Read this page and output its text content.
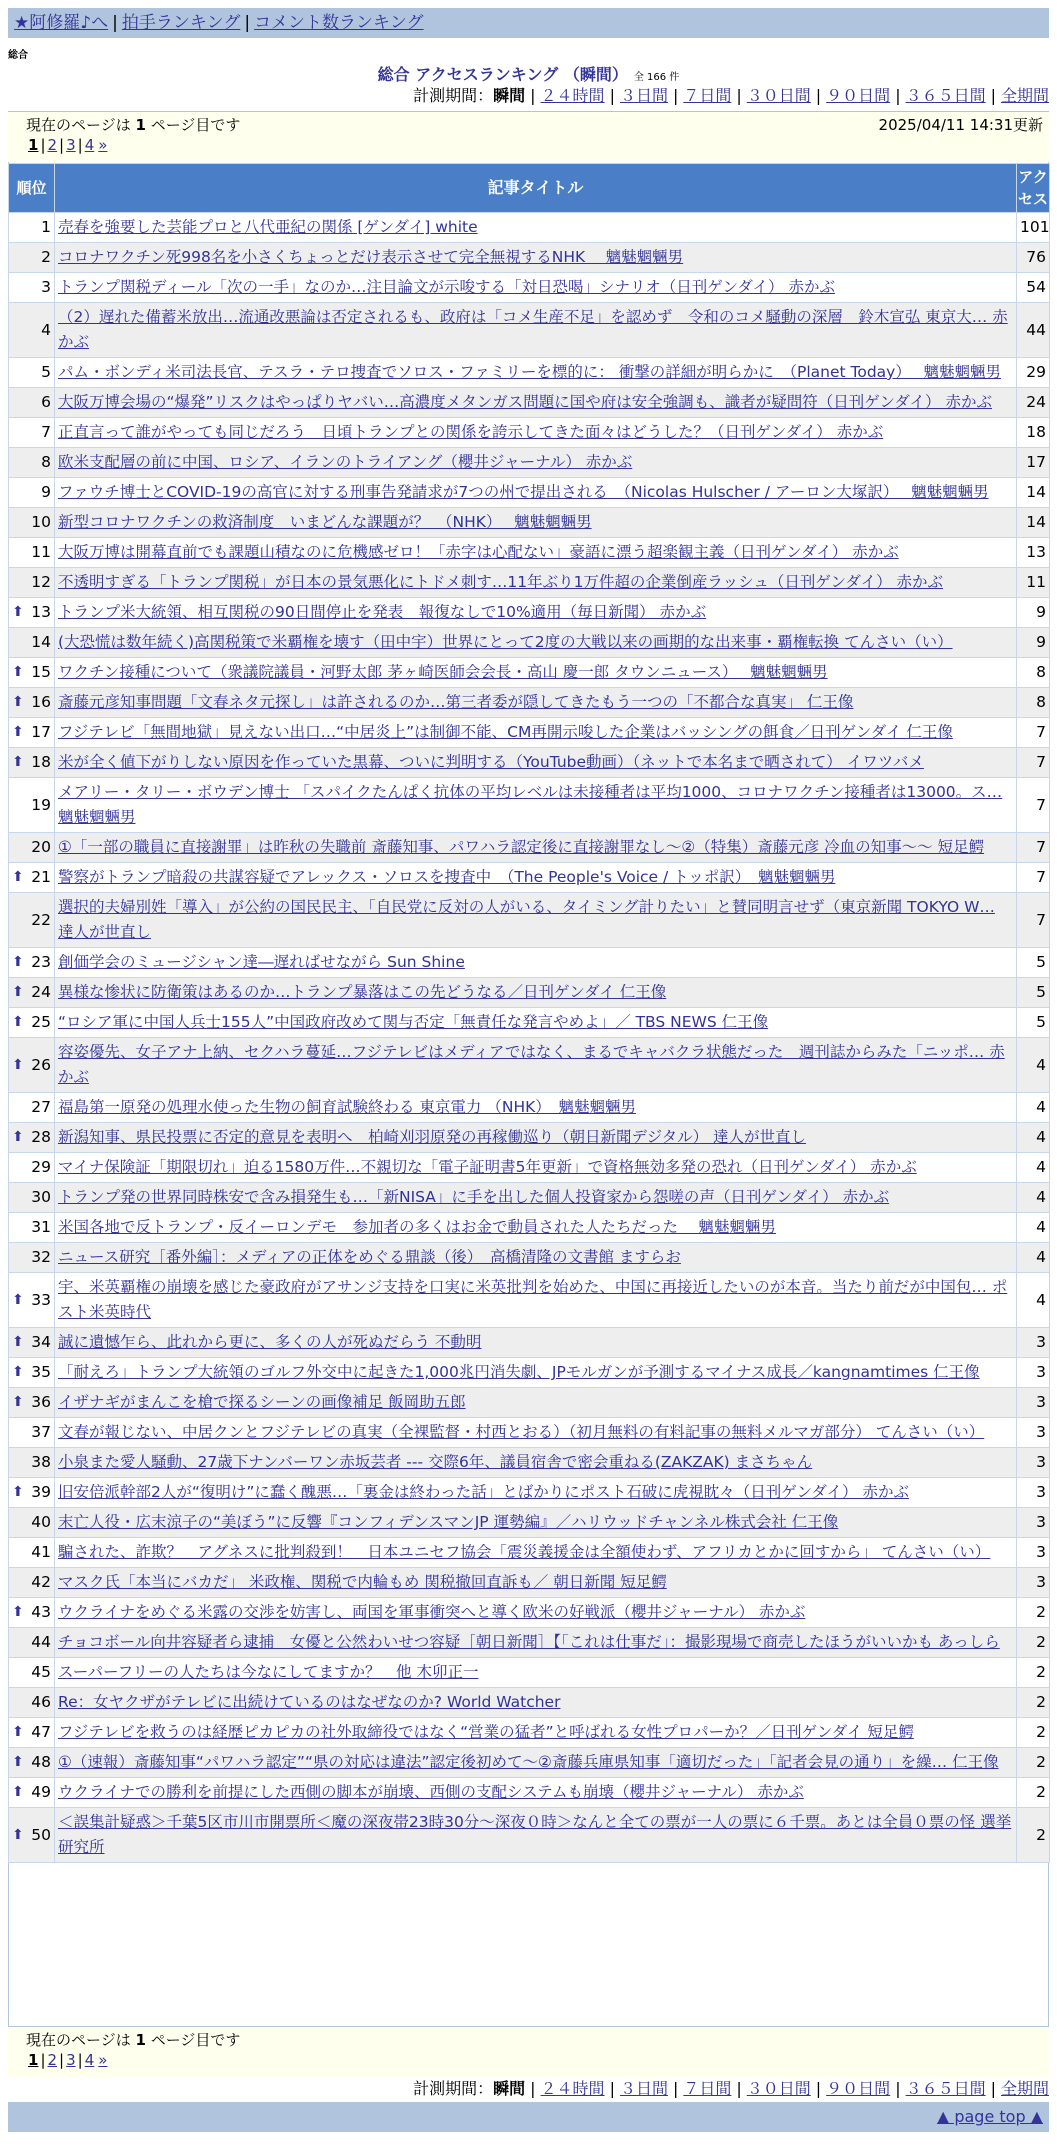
★阿修羅♪へ | 拍手ランキング | コメント数ランキング
総合
総合 アクセスランキング （瞬間） 全 166 件
計測期間：瞬間 | ２４時間 | ３日間 | ７日間 | ３０日間 | ９０日間 | ３６５日間 | 全期間
現在のページは 1 ページ目です	2025/04/11 14:31更新
1 | 2 | 3 | 4 »
順位	記事タイトル	アクセス
1	売春を強要した芸能プロと八代亜紀の関係 [ゲンダイ] white	101
2	コロナワクチン死998名を小さくちょっとだけ表示させて完全無視するNHK　 魑魅魍魎男	76
3	トランプ関税ディール「次の一手」なのか…注目論文が示唆する「対日恐喝」シナリオ（日刊ゲンダイ） 赤かぶ	54
4	（2）遅れた備蓄米放出…流通改悪論は否定されるも、政府は「コメ生産不足」を認めず　令和のコメ騒動の深層　鈴木宣弘 東京大… 赤かぶ	44
5	パム・ボンディ米司法長官、テスラ・テロ捜査でソロス・ファミリーを標的に： 衝撃の詳細が明らかに　（Planet Today）　 魑魅魍魎男	29
6	大阪万博会場の“爆発”リスクはやっぱりヤバい…高濃度メタンガス問題に国や府は安全強調も、識者が疑問符（日刊ゲンダイ） 赤かぶ	24
7	正直言って誰がやっても同じだろう　日頃トランプとの関係を誇示してきた面々はどうした？（日刊ゲンダイ） 赤かぶ	18
8	欧米支配層の前に中国、ロシア、イランのトライアング（櫻井ジャーナル） 赤かぶ	17
9	ファウチ博士とCOVID-19の高官に対する刑事告発請求が7つの州で提出される　（Nicolas Hulscher / アーロン大塚訳）　 魑魅魍魎男	14
10	新型コロナワクチンの救済制度　いまどんな課題が？　（NHK）　 魑魅魍魎男	14
11	大阪万博は開幕直前でも課題山積なのに危機感ゼロ！「赤字は心配ない」豪語に漂う超楽観主義（日刊ゲンダイ） 赤かぶ	13
12	不透明すぎる「トランプ関税」が日本の景気悪化にトドメ刺す…11年ぶり1万件超の企業倒産ラッシュ（日刊ゲンダイ） 赤かぶ	11

⬆ 13	トランプ米大統領、相互関税の90日間停止を発表　報復なしで10%適用（毎日新聞） 赤かぶ	9
14	(大恐慌は数年続く)高関税策で米覇権を壊す（田中宇）世界にとって2度の大戦以来の画期的な出来事・覇権転換 てんさい（い）	9

⬆ 15	ワクチン接種について（衆議院議員・河野太郎 茅ヶ崎医師会会長・高山 慶一郎 タウンニュース）　 魑魅魍魎男	8

⬆ 16	斎藤元彦知事問題「文春ネタ元探し」は許されるのか…第三者委が隠してきたもう一つの「不都合な真実」 仁王像	8

⬆ 17	フジテレビ「無間地獄」見えない出口…“中居炎上”は制御不能、CM再開示唆した企業はバッシングの餌食／日刊ゲンダイ 仁王像	7

⬆ 18	米が全く値下がりしない原因を作っていた黒幕、ついに判明する（YouTube動画）（ネットで本名まで晒されて） イワツバメ	7
19	メアリー・タリー・ボウデン博士 「スパイクたんぱく抗体の平均レベルは未接種者は平均1000、コロナワクチン接種者は13000。ス… 魑魅魍魎男	7
20	①「一部の職員に直接謝罪」は昨秋の失職前 斎藤知事、パワハラ認定後に直接謝罪なし～②（特集）斎藤元彦 冷血の知事～～ 短足鰐	7

⬆ 21	警察がトランプ暗殺の共謀容疑でアレックス・ソロスを捜査中　（The People's Voice / トッポ訳）　魑魅魍魎男	7
22	選択的夫婦別姓「導入」が公約の国民民主、「自民党に反対の人がいる、タイミング計りたい」と賛同明言せず（東京新聞 TOKYO W… 達人が世直し	7

⬆ 23	創価学会のミュージシャン達―遅ればせながら Sun Shine	5

⬆ 24	異様な惨状に防衛策はあるのか…トランプ暴落はこの先どうなる／日刊ゲンダイ 仁王像	5

⬆ 25	“ロシア軍に中国人兵士155人”中国政府改めて関与否定「無責任な発言やめよ」／ TBS NEWS 仁王像	5

⬆ 26	容姿優先、女子アナ上納、セクハラ蔓延…フジテレビはメディアではなく、まるでキャバクラ状態だった　週刊誌からみた「ニッポ… 赤かぶ	4
27	福島第一原発の処理水使った生物の飼育試験終わる 東京電力 （NHK）　魑魅魍魎男	4

⬆ 28	新潟知事、県民投票に否定的意見を表明へ　柏崎刈羽原発の再稼働巡り（朝日新聞デジタル） 達人が世直し	4
29	マイナ保険証「期限切れ」迫る1580万件…不親切な「電子証明書5年更新」で資格無効多発の恐れ（日刊ゲンダイ） 赤かぶ	4
30	トランプ発の世界同時株安で含み損発生も…「新NISA」に手を出した個人投資家から怨嗟の声（日刊ゲンダイ） 赤かぶ	4
31	米国各地で反トランプ・反イーロンデモ　参加者の多くはお金で動員された人たちだった　 魑魅魍魎男	4
32	ニュース研究［番外編］：メディアの正体をめぐる鼎談（後）　高橋清隆の文書館 ますらお	4

⬆ 33	宇、米英覇権の崩壊を感じた豪政府がアサンジ支持を口実に米英批判を始めた、中国に再接近したいのが本音。当たり前だが中国包… ポスト米英時代	4

⬆ 34	誠に遺憾乍ら、此れから更に、多くの人が死ぬだらう 不動明	3

⬆ 35	「耐えろ」トランプ大統領のゴルフ外交中に起きた1,000兆円消失劇、JPモルガンが予測するマイナス成長／kangnamtimes 仁王像	3

⬆ 36	イザナギがまんこを槍で探るシーンの画像補足 飯岡助五郎	3
37	文春が報じない、中居クンとフジテレビの真実（全裸監督・村西とおる）（初月無料の有料記事の無料メルマガ部分） てんさい（い）	3
38	小泉また愛人騒動、27歳下ナンバーワン赤坂芸者 --- 交際6年、議員宿舎で密会重ねる(ZAKZAK) まさちゃん	3

⬆ 39	旧安倍派幹部2人が“復明け”に蠢く醜悪…「裏金は終わった話」とばかりにポスト石破に虎視眈々（日刊ゲンダイ） 赤かぶ	3
40	末亡人役・広末涼子の“美ぼう”に反響『コンフィデンスマンJP 運勢編』／ハリウッドチャンネル株式会社 仁王像	3
41	騙された、詐欺？　アグネスに批判殺到！　日本ユニセフ協会「震災義援金は全額使わず、アフリカとかに回すから」 てんさい（い）	3
42	マスク氏「本当にバカだ」 米政権、関税で内輪もめ 関税撤回直訴も／ 朝日新聞 短足鰐	3

⬆ 43	ウクライナをめぐる米露の交渉を妨害し、両国を軍事衝突へと導く欧米の好戦派（櫻井ジャーナル） 赤かぶ	2
44	チョコボール向井容疑者ら逮捕　女優と公然わいせつ容疑［朝日新聞］【「これは仕事だ」：撮影現場で商売したほうがいいかも あっしら	2
45	スーパーフリーの人たちは今なにしてますか？　他 木卯正一	2
46	Re：女ヤクザがテレビに出続けているのはなぜなのか? World Watcher	2

⬆ 47	フジテレビを救うのは経歴ピカピカの社外取締役ではなく“営業の猛者”と呼ばれる女性プロパーか？／日刊ゲンダイ 短足鰐	2

⬆ 48	①（速報）斎藤知事“パワハラ認定”“県の対応は違法”認定後初めて～②斎藤兵庫県知事「適切だった」「記者会見の通り」を繰… 仁王像	2

⬆ 49	ウクライナでの勝利を前提にした西側の脚本が崩壊、西側の支配システムも崩壊（櫻井ジャーナル） 赤かぶ	2

⬆ 50	＜誤集計疑惑＞千葉5区市川市開票所＜魔の深夜帯23時30分～深夜０時＞なんと全ての票が一人の票に６千票。あとは全員０票の怪 選挙研究所	2
現在のページは 1 ページ目です
1 | 2 | 3 | 4 »
計測期間：瞬間 | ２４時間 | ３日間 | ７日間 | ３０日間 | ９０日間 | ３６５日間 | 全期間
▲ page top ▲
